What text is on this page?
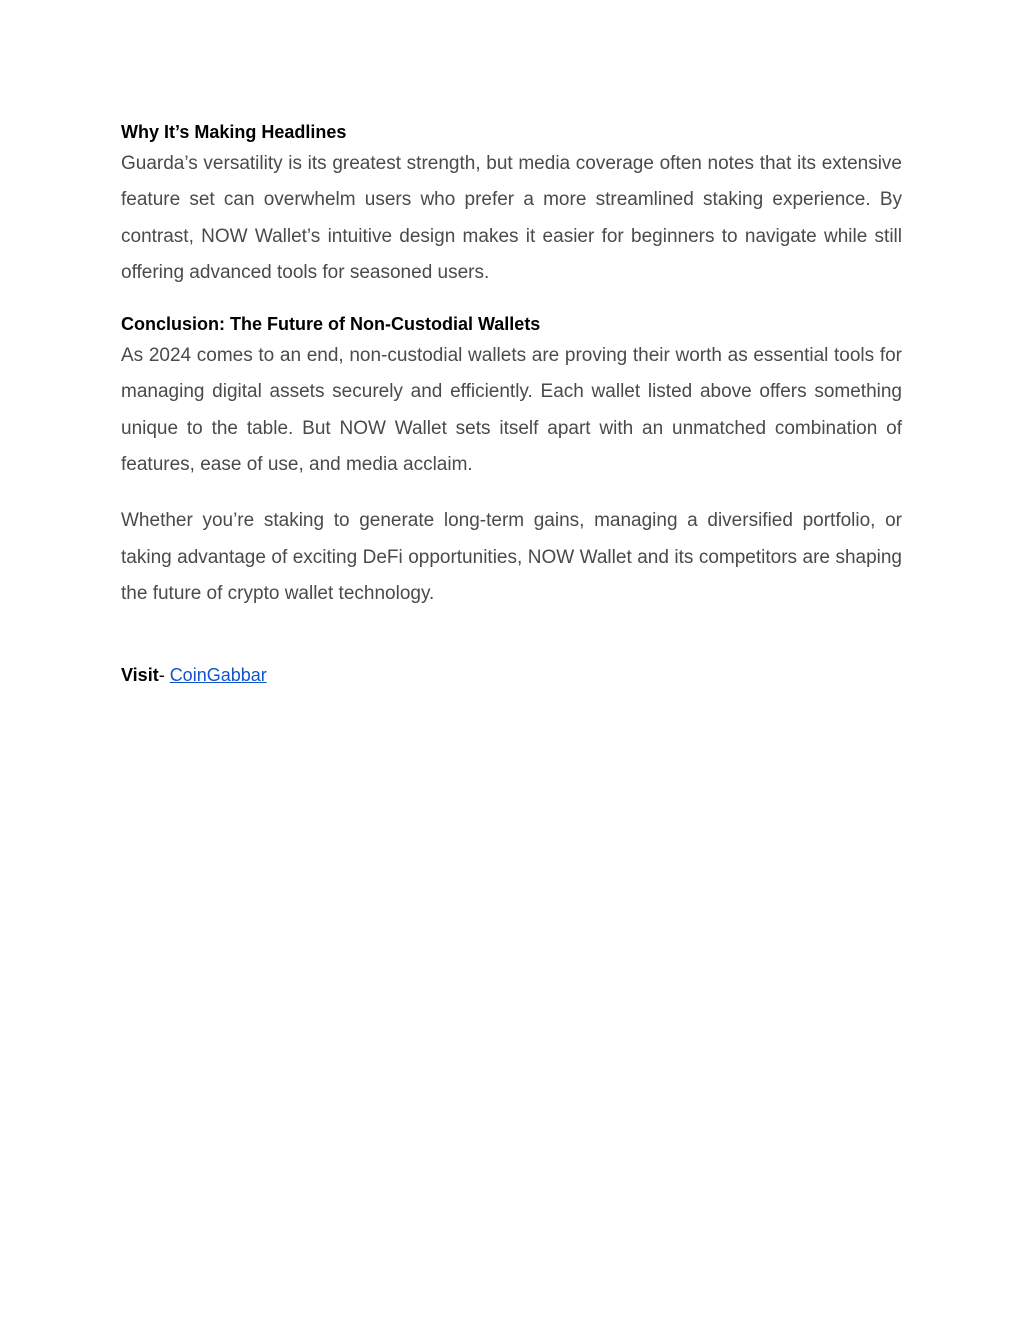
Why It’s Making Headlines

Guarda’s versatility is its greatest strength, but media coverage often notes that its extensive feature set can overwhelm users who prefer a more streamlined staking experience. By contrast, NOW Wallet’s intuitive design makes it easier for beginners to navigate while still offering advanced tools for seasoned users.

Conclusion: The Future of Non-Custodial Wallets

As 2024 comes to an end, non-custodial wallets are proving their worth as essential tools for managing digital assets securely and efficiently. Each wallet listed above offers something unique to the table. But NOW Wallet sets itself apart with an unmatched combination of features, ease of use, and media acclaim.

Whether you’re staking to generate long-term gains, managing a diversified portfolio, or taking advantage of exciting DeFi opportunities, NOW Wallet and its competitors are shaping the future of crypto wallet technology.

Visit- CoinGabbar
